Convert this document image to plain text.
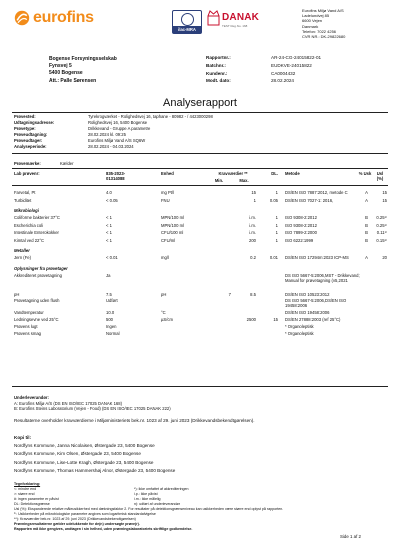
eurofins
ilac-MRA
DANAK
TEST Reg.No. 168
Eurofins Miljø Vand A/S
Ladelundvej 85
6600 Vejen
Danmark
Telefon: 7022 4256
CVR NR.: DK-29822680
Bogense Forsyningsselskab
Fynsvej 5
5400 Bogense
Att.: Palle Sørensen
Rapportnr.:	AR-24-CG-24015822-01
Batchnr.:	EUDKVE-24015822
Kundenr.:	CA0004432
Modt. dato:	28.02.2024
Analyserapport
Prøvested:	Tyrekrogværket - Rolighedsvej 16, taphane - 80982 - / 4423000298
Udtagningsadresse:	Rolighedsvej 16, 5400 Bogense
Prøvetype:	Drikkevand - Gruppe A parametre
Prøveudtagning:	28.02.2024 kl. 09:25
Prøveudtager:	Eurofins Miljø Vand A/S SQ6W
Analyseperiode:	28.02.2024 - 04.03.2024
Prøvemærke:	Kælder
Lab prøvenr:	835-2023-
01314088
Enhed	Kravværdier **
Min.	Max.
DL. Metode	% Usk	Usl
(%)
Farvetal, Pt	4.0	mg Pt/l	15	1 DS/EN ISO 7887:2012, metode C	A	15
Turbiditet	< 0.05	FNU	1	0.05 DS/EN ISO 7027-1: 2016,	A	15
Mikrobiologi
Coliforme bakterier 37°C	< 1	MPN/100 ml	i.m.	1 ISO 9308-2:2012	B	0.25¹⁾
Escherichia coli	< 1	MPN/100 ml	i.m.	1 ISO 9308-2:2012	B	0.25¹⁾
Intestinale Enterokokker	< 1	CFU/100 ml	i.m.	1 ISO 7899-2:2000	B	0.11¹⁾
Kimtal ved 22°C	< 1	CFU/ml	200	1 ISO 6222:1999	B	0.15¹⁾
Metaller
Jern (Fe)	< 0.01	mg/l	0.2	0.01 DS/EN ISO 17294m:2023 ICP-MS	A	20
Oplysninger fra prøvetager
Akkrediteret prøvetagning	Ja	DS ISO 5667-5:2006,MST - Drikkevand; Manual for prøvetagning (v5,2021
pH	7.5	pH	7	8.5	DS/EN ISO 10523:2012
Prøvetagning uden flush	Udført	DS ISO 5667-5:2006,DS/EN ISO 19458:2006
Vandtemperatur	10.0	°C	DS/EN ISO 19458:2006
Ledningsevne ved 25°C	500	µS/cm	2500	15 DS/EN 27888:2003 (ref 25°C)
Prøvens lugt	Ingen	* Organoleptisk
Prøvens smag	Normal	* Organoleptisk
Underleverandør:
A: Eurofins Miljø A/S (DS EN ISO/IEC 17025 DANAK 168)
B: Eurofins Steins Laboratorium (Vejen - Food) (DS EN ISO/IEC 17025 DANAK 222)
Resultaterne overholder kravværdierne i Miljøministeriets bek.nr. 1023 af 29. juni 2023 (Drikkevandsbekendtgørelsen).
Kopi til:
Nordfyns Kommune, Janna Nicolaisen, Østergade 23, 5400 Bogense
Nordfyns Kommune, Kim Olsen, Østergade 23, 5400 Bogense
Nordfyns Kommune, Lise-Lotte Kragh, Østergade 23, 5400 Bogense
Nordfyns Kommune, Thomas Hammershøj Alnor, Østergade 23, 5400 Bogense
Tegnforklaring:
<: mindre end	*): ikke omfattet af akkrediteringen
>: større end	i.p.: ikke påvist
#: ingen parametre er påvist	i.m.: ikke målelig
DL: Detektionsgrænse	n): udført af underleverandør
Usl (%): Ekspanderede relative måleusikkerhed med dækningsfaktor 2. For resultater på detektionsgrænseniveau kan usikkerheden være større end oplyst på rapporten.
¹⁾: Usikkerheder på mikrobiologiske parametre angives som logaritmisk standardafvigelse
**): Kravværdier bek.nr. 1023 af 29. juni 2023 (Drikkevandsbekendtgørelsen)
Prøvningsresultaterne gælder udelukkende for de(n) undersøgte prøve(r).
Rapporten må ikke gengives, undtagen i sin helhed, uden prøvningslaboratoriets skriftlige godkendelse.
Side 1 af 2
